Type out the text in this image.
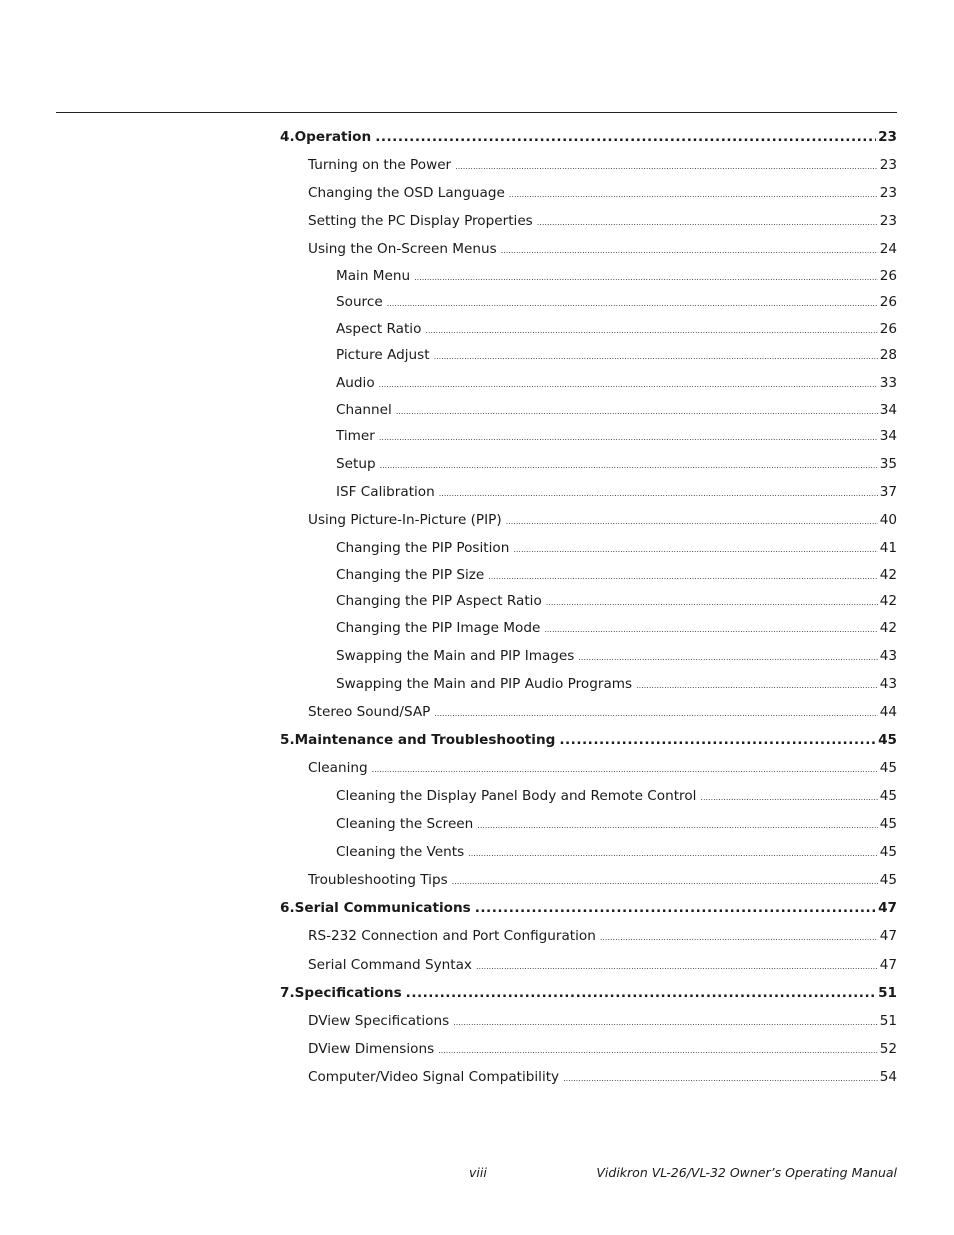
4. Operation .....	23
Turning on the Power .....	23
Changing the OSD Language .....	23
Setting the PC Display Properties .....	23
Using the On-Screen Menus .....	24
Main Menu .....	26
Source .....	26
Aspect Ratio .....	26
Picture Adjust .....	28
Audio .....	33
Channel .....	34
Timer .....	34
Setup .....	35
ISF Calibration .....	37
Using Picture-In-Picture (PIP) .....	40
Changing the PIP Position .....	41
Changing the PIP Size .....	42
Changing the PIP Aspect Ratio .....	42
Changing the PIP Image Mode .....	42
Swapping the Main and PIP Images .....	43
Swapping the Main and PIP Audio Programs .....	43
Stereo Sound/SAP .....	44
5. Maintenance and Troubleshooting .....	45
Cleaning .....	45
Cleaning the Display Panel Body and Remote Control .....	45
Cleaning the Screen .....	45
Cleaning the Vents .....	45
Troubleshooting Tips .....	45
6. Serial Communications .....	47
RS-232 Connection and Port Configuration .....	47
Serial Command Syntax .....	47
7. Specifications .....	51
DView Specifications .....	51
DView Dimensions .....	52
Computer/Video Signal Compatibility .....	54
viii	Vidikron VL-26/VL-32 Owner’s Operating Manual
